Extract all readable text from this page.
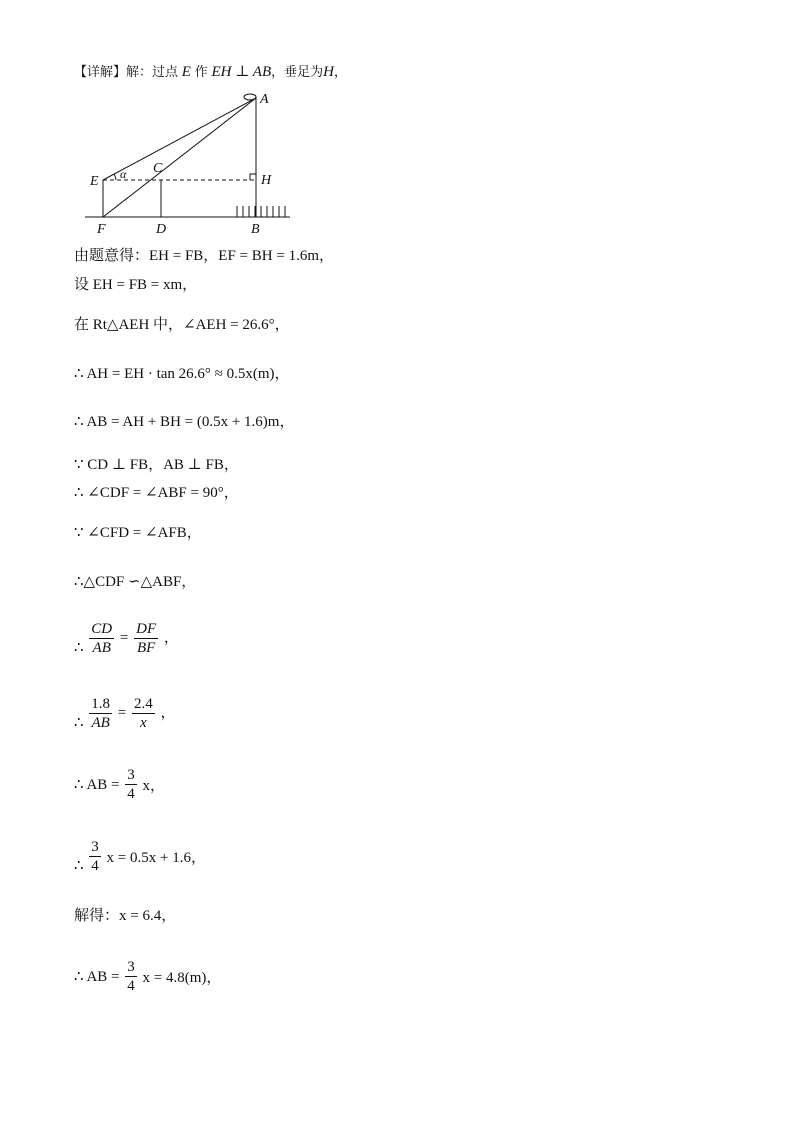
【详解】解：过点 E 作 EH ⊥ AB，垂足为H，
A
C
E	H
F	D	B
α
由题意得：EH = FB，EF = BH = 1.6m，
设 EH = FB = xm，
在 Rt△AEH 中，∠AEH = 26.6°，
∴ AH = EH · tan 26.6° ≈ 0.5x(m)，
∴ AB = AH + BH = (0.5x + 1.6)m，
∵ CD ⊥ FB，AB ⊥ FB，
∴ ∠CDF = ∠ABF = 90°，
∵ ∠CFD = ∠AFB，
∴△CDF ∽△ABF，
∴ $\frac{CD}{AB} = \frac{DF}{BF}$ ，
∴ $\frac{1.8}{AB} = \frac{2.4}{x}$ ，
∴ AB = $\frac{3}{4}$ x，
∴ $\frac{3}{4}$ x = 0.5x + 1.6，
解得：x = 6.4，
∴ AB = $\frac{3}{4}$ x = 4.8(m)，
